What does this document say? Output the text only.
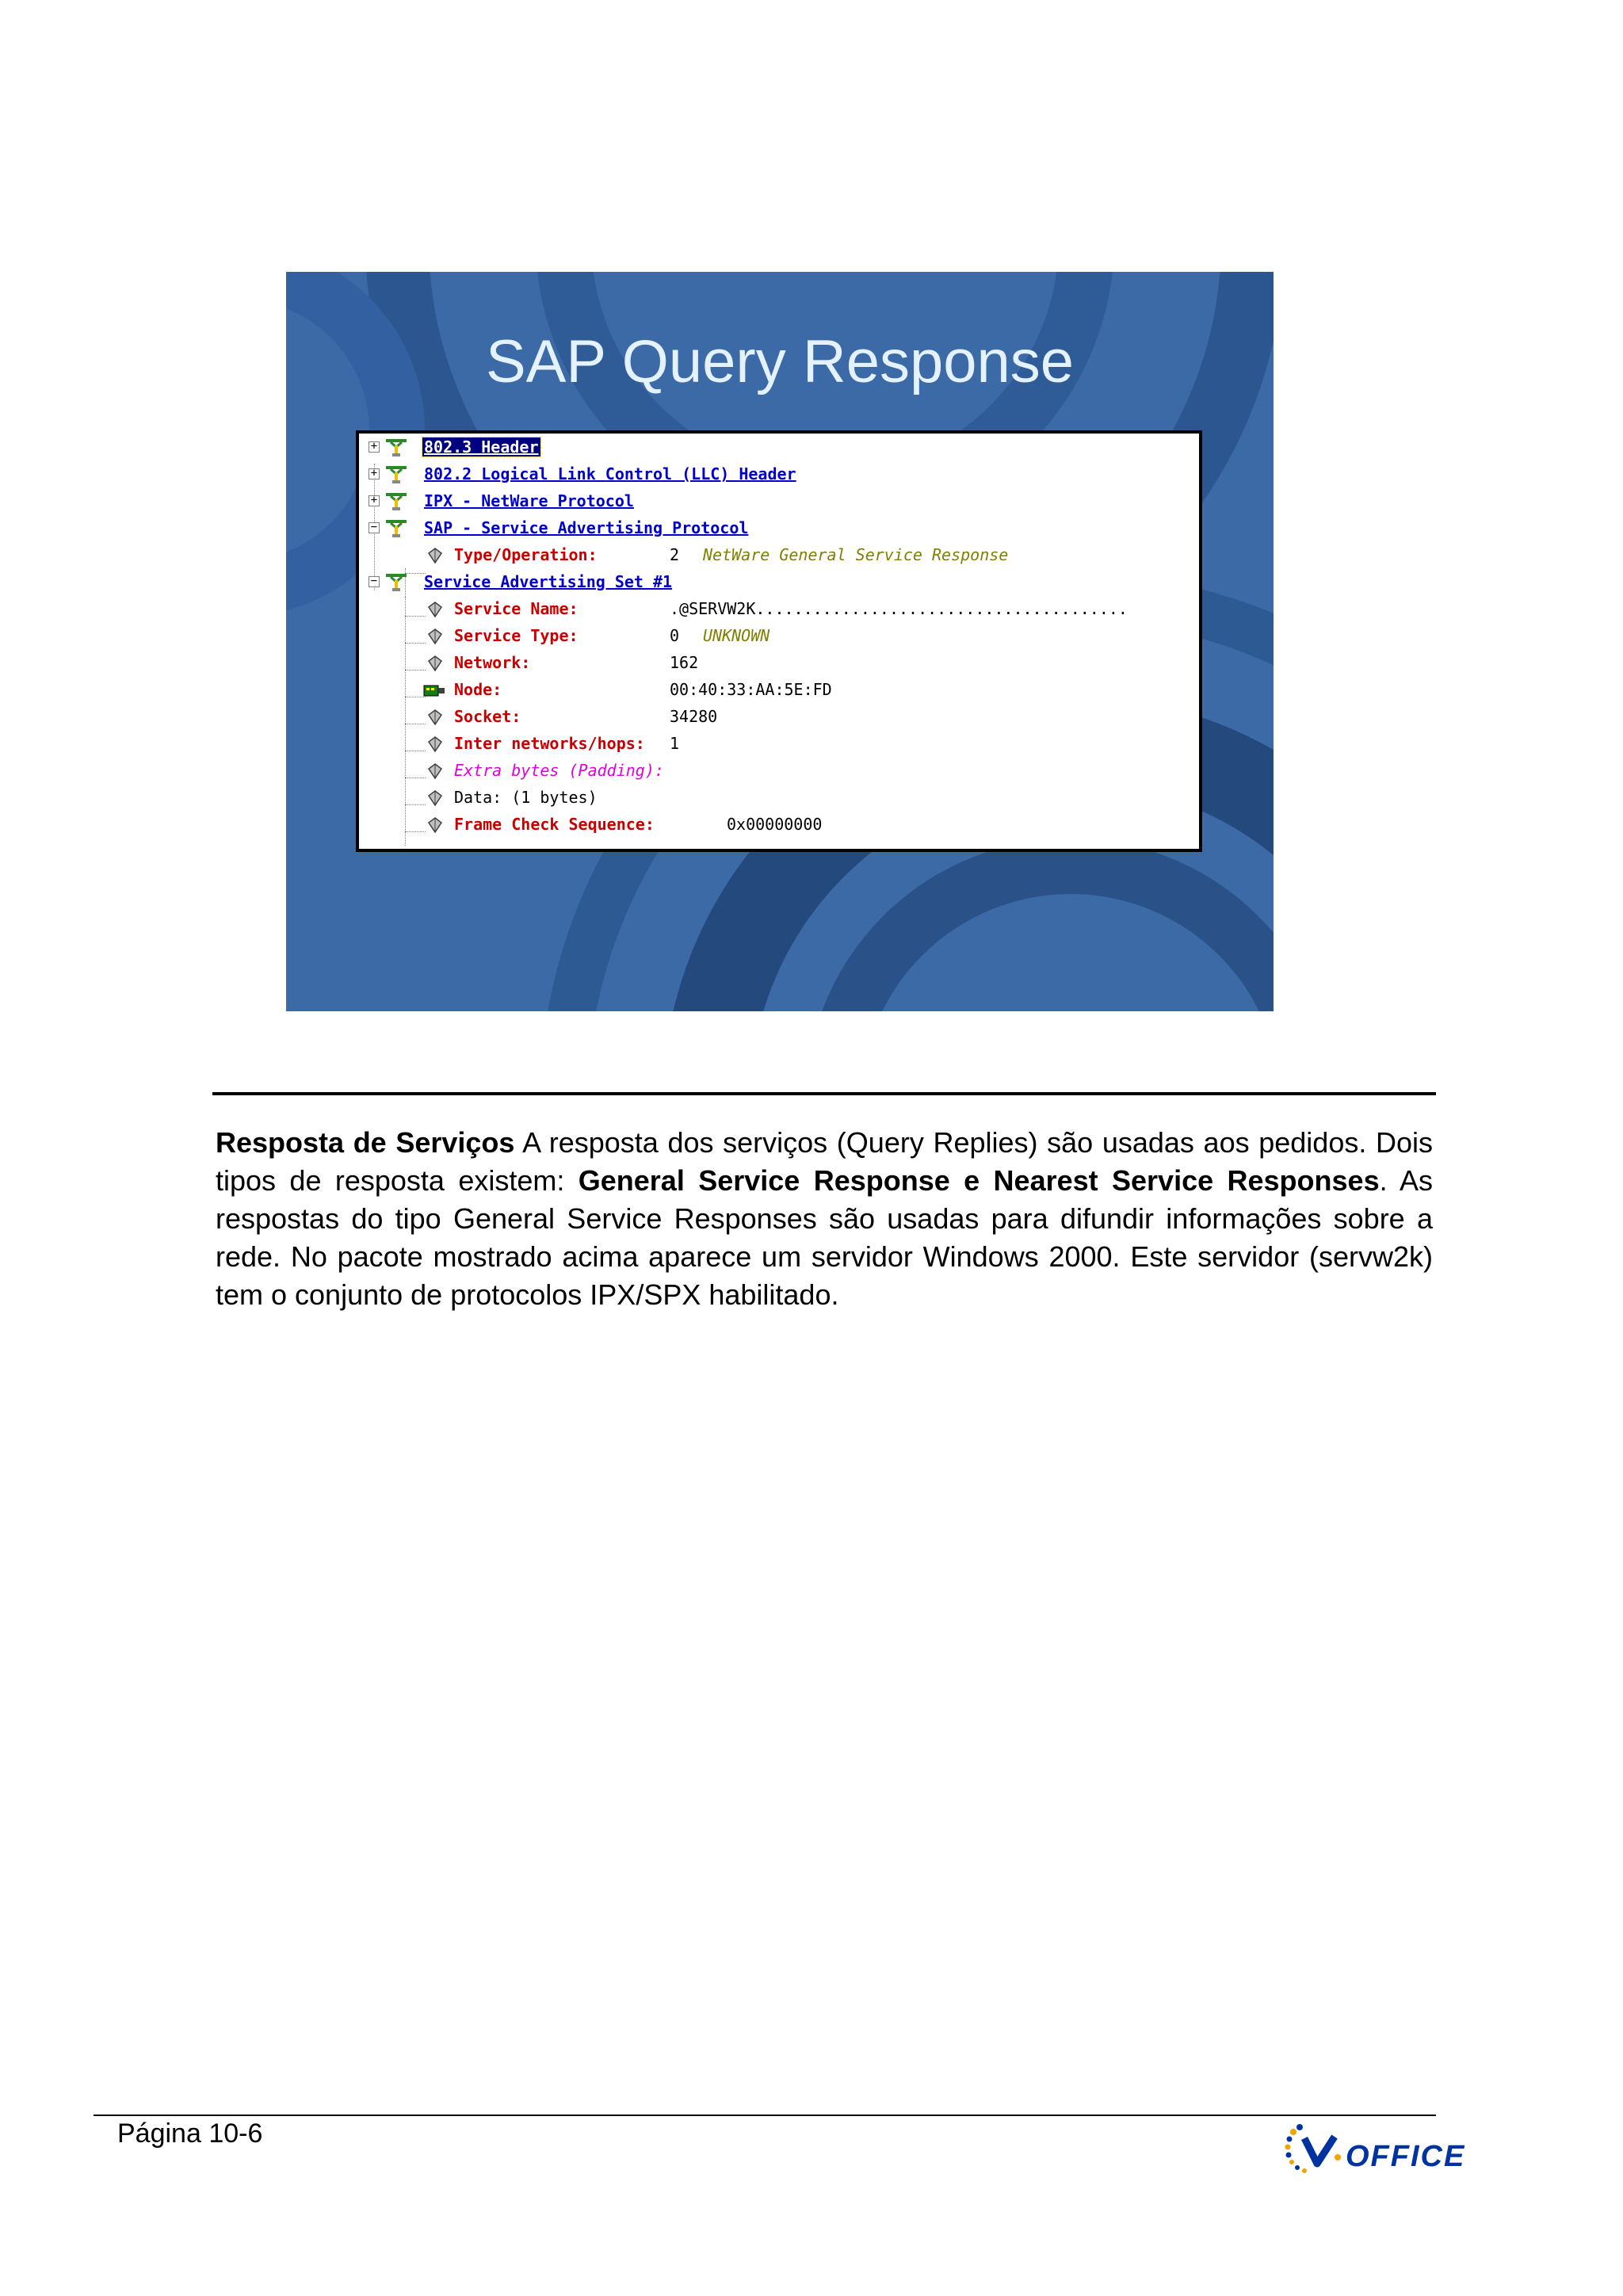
SAP Query Response
+	802.3 Header
+	802.2 Logical Link Control (LLC) Header
+	IPX - NetWare Protocol
−	SAP - Service Advertising Protocol
Type/Operation:	2 NetWare General Service Response
−	Service Advertising Set #1
Service Name:	.@SERVW2K.......................................
Service Type:	0 UNKNOWN
Network:	162
Node:	00:40:33:AA:5E:FD
Socket:	34280
Inter networks/hops: 1
Extra bytes (Padding):
Data: (1 bytes)
Frame Check Sequence:	0x00000000
Resposta de Serviços A resposta dos serviços (Query Replies) são usadas aos pedidos. Dois tipos de resposta existem: General Service Response e Nearest Service Responses. As respostas do tipo General Service Responses são usadas para difundir informações sobre a rede. No pacote mostrado acima aparece um servidor Windows 2000. Este servidor (servw2k) tem o conjunto de protocolos IPX/SPX habilitado.
Página 10-6
OFFICE
